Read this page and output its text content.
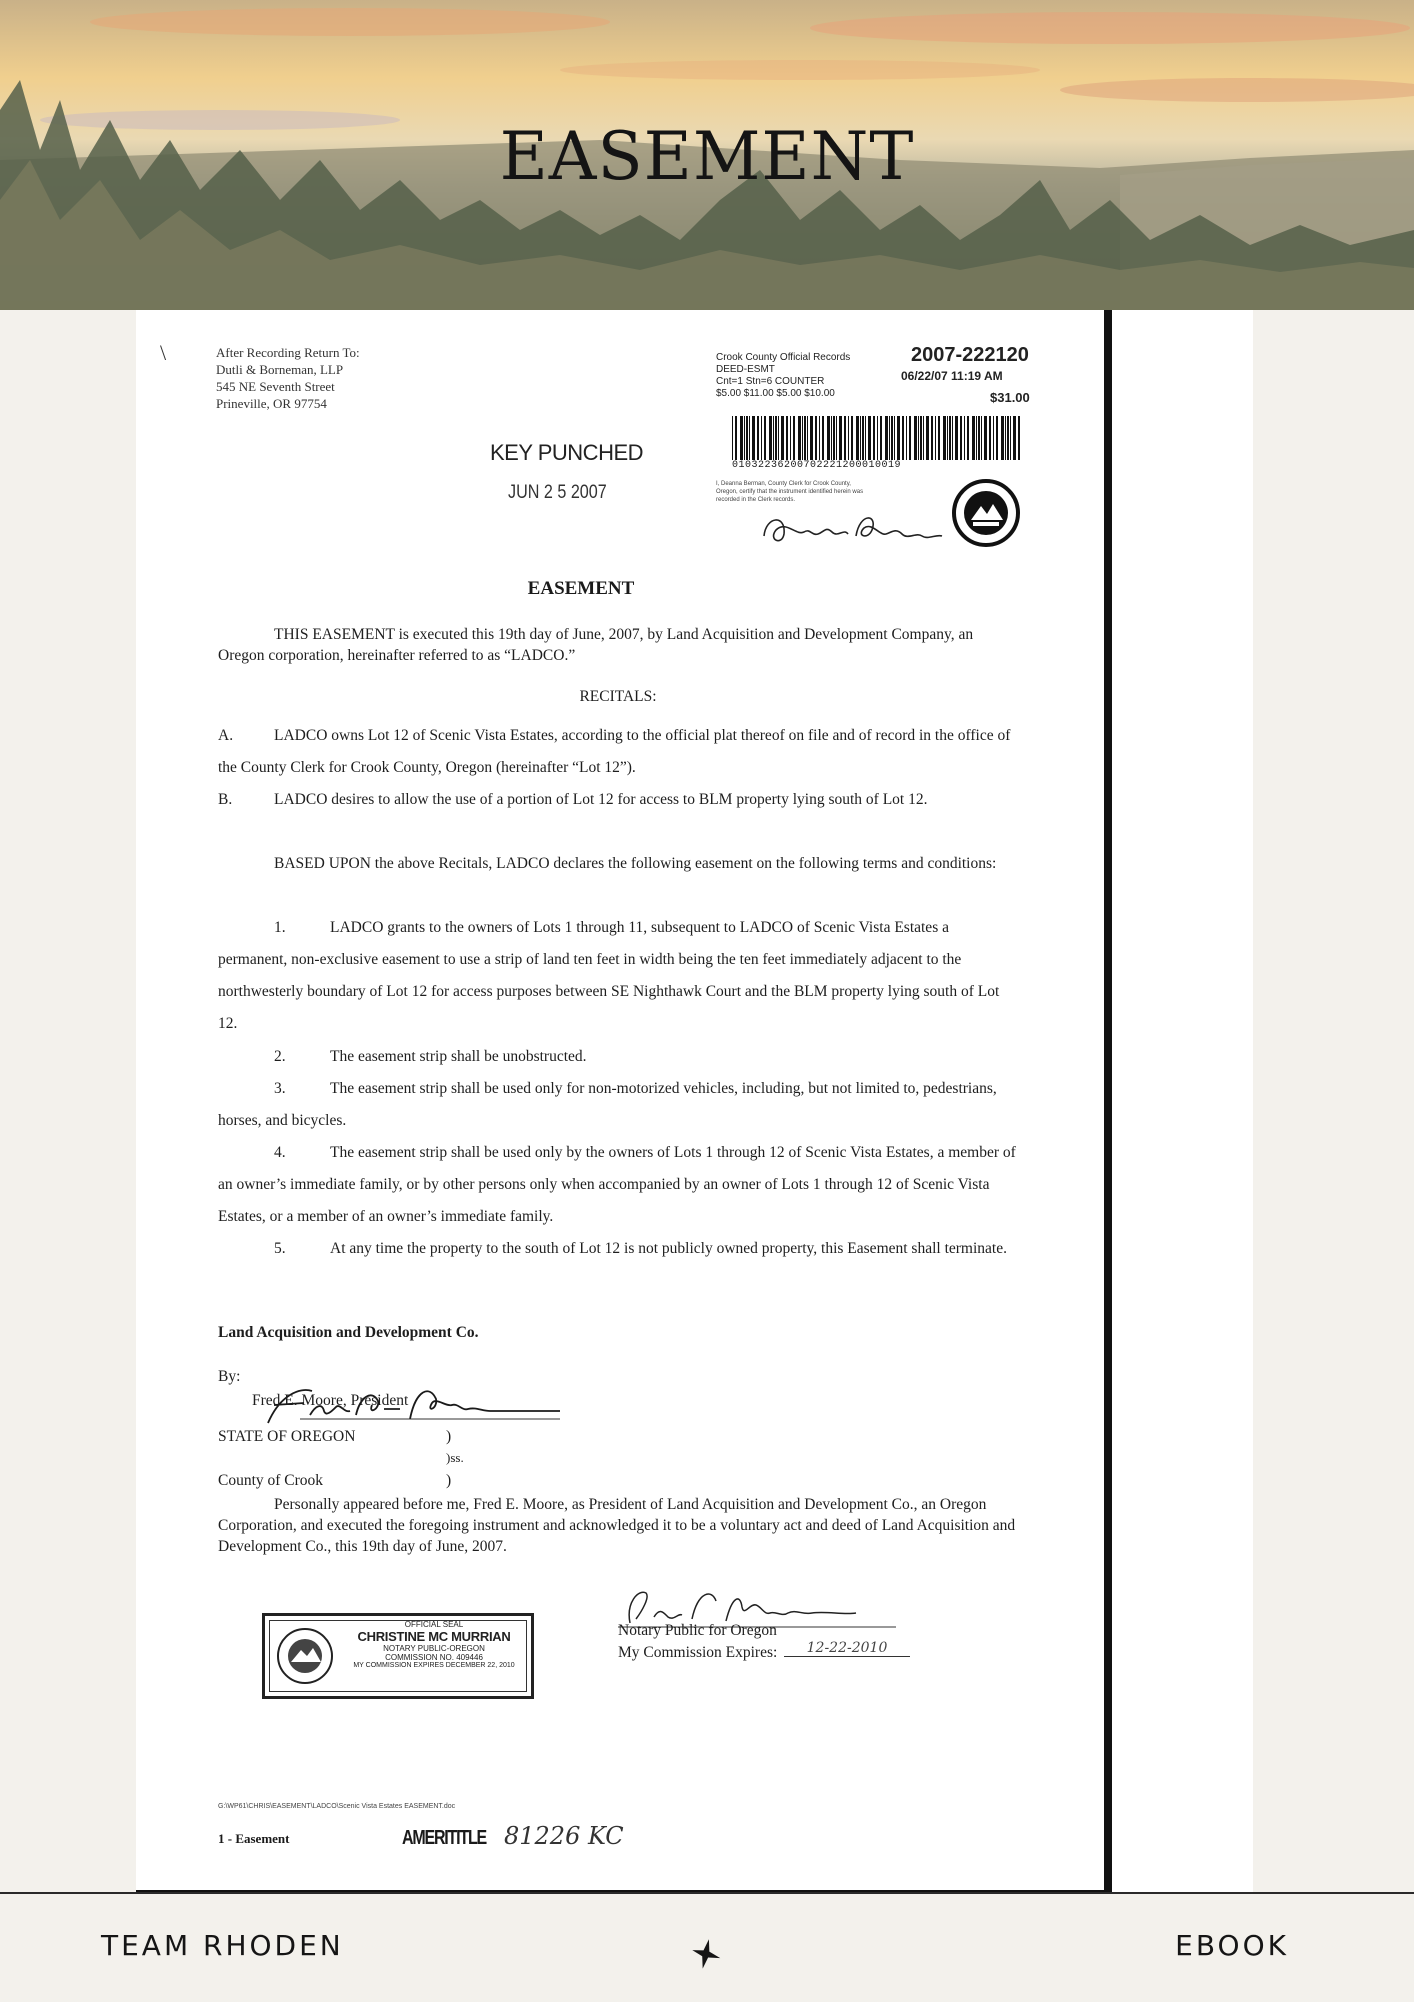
EASEMENT
\	After Recording Return To:
Dutli & Borneman, LLP
545 NE Seventh Street
Prineville, OR 97754
Crook County Official Records
DEED-ESMT
Cnt=1 Stn=6 COUNTER
$5.00 $11.00 $5.00 $10.00
2007-222120
06/22/07 11:19 AM
$31.00
01032236200702221200010019
I, Deanna Berman, County Clerk for Crook County, Oregon, certify that the instrument identified herein was recorded in the Clerk records.
KEY PUNCHED
JUN 2 5 2007
EASEMENT
THIS EASEMENT is executed this 19th day of June, 2007, by Land Acquisition and Development Company, an Oregon corporation, hereinafter referred to as “LADCO.”
RECITALS:
A.	LADCO owns Lot 12 of Scenic Vista Estates, according to the official plat thereof on file and of record in the office of the County Clerk for Crook County, Oregon (hereinafter “Lot 12”).
B.	LADCO desires to allow the use of a portion of Lot 12 for access to BLM property lying south of Lot 12.
BASED UPON the above Recitals, LADCO declares the following easement on the following terms and conditions:
1.	LADCO grants to the owners of Lots 1 through 11, subsequent to LADCO of Scenic Vista Estates a permanent, non-exclusive easement to use a strip of land ten feet in width being the ten feet immediately adjacent to the northwesterly boundary of Lot 12 for access purposes between SE Nighthawk Court and the BLM property lying south of Lot 12.
2.	The easement strip shall be unobstructed.
3.	The easement strip shall be used only for non-motorized vehicles, including, but not limited to, pedestrians, horses, and bicycles.
4.	The easement strip shall be used only by the owners of Lots 1 through 12 of Scenic Vista Estates, a member of an owner’s immediate family, or by other persons only when accompanied by an owner of Lots 1 through 12 of Scenic Vista Estates, or a member of an owner’s immediate family.
5.	At any time the property to the south of Lot 12 is not publicly owned property, this Easement shall terminate.
Land Acquisition and Development Co.
By:
Fred E. Moore, President
STATE OF OREGON	)
)ss.
County of Crook	)
Personally appeared before me, Fred E. Moore, as President of Land Acquisition and Development Co., an Oregon Corporation, and executed the foregoing instrument and acknowledged it to be a voluntary act and deed of Land Acquisition and Development Co., this 19th day of June, 2007.
Notary Public for Oregon
My Commission Expires:	12-22-2010
OFFICIAL SEAL
CHRISTINE MC MURRIAN
NOTARY PUBLIC-OREGON
COMMISSION NO. 409446
MY COMMISSION EXPIRES DECEMBER 22, 2010
G:\WP61\CHRIS\EASEMENT\LADCO\Scenic Vista Estates EASEMENT.doc
1 - Easement	AMERITITLE 81226 KC
TEAM RHODEN	EBOOK
